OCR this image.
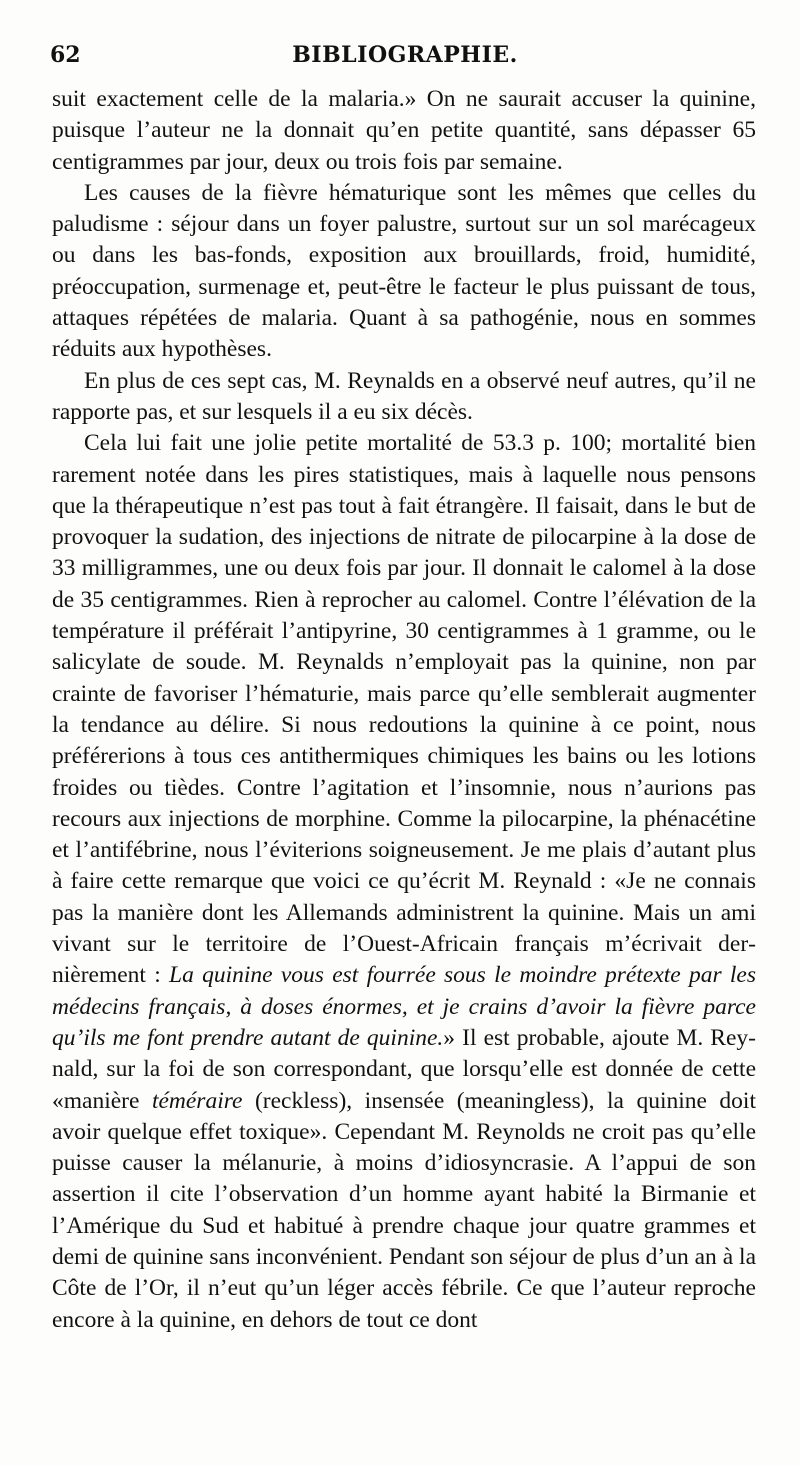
62	BIBLIOGRAPHIE.

suit exactement celle de la malaria.» On ne saurait accuser la quinine, puisque l’auteur ne la donnait qu’en petite quantité, sans dépasser 65 centigrammes par jour, deux ou trois fois par semaine.

Les causes de la fièvre hématurique sont les mêmes que celles du paludisme : séjour dans un foyer palustre, surtout sur un sol marécageux ou dans les bas-fonds, exposition aux brouillards, froid, humidité, préoccupation, surmenage et, peut-être le facteur le plus puissant de tous, attaques répétées de malaria. Quant à sa pathogénie, nous en sommes réduits aux hypothèses.

En plus de ces sept cas, M. Reynalds en a observé neuf autres, qu’il ne rapporte pas, et sur lesquels il a eu six décès.

Cela lui fait une jolie petite mortalité de 53.3 p. 100; mortalité bien rarement notée dans les pires statistiques, mais à laquelle nous pensons que la thérapeutique n’est pas tout à fait étrangère. Il faisait, dans le but de provoquer la sudation, des injections de nitrate de pilocarpine à la dose de 33 milligrammes, une ou deux fois par jour. Il donnait le calomel à la dose de 35 centigrammes. Rien à reprocher au calomel. Contre l’élévation de la température il préférait l’antipyrine, 30 centigrammes à 1 gramme, ou le salicylate de soude. M. Reynalds n’employait pas la quinine, non par crainte de favoriser l’hématurie, mais parce qu’elle semblerait augmenter la tendance au délire. Si nous redoutions la quinine à ce point, nous préférerions à tous ces antithermiques chimiques les bains ou les lotions froides ou tièdes. Contre l’agitation et l’insomnie, nous n’aurions pas recours aux injections de morphine. Comme la pilocarpine, la phénacétine et l’antifébrine, nous l’éviterions soigneusement. Je me plais d’autant plus à faire cette remarque que voici ce qu’écrit M. Reynald : «Je ne connais pas la manière dont les Allemands administrent la quinine. Mais un ami vivant sur le territoire de l’Ouest-Africain français m’écrivait dernièrement : La quinine vous est fourrée sous le moindre prétexte par les médecins français, à doses énormes, et je crains d’avoir la fièvre parce qu’ils me font prendre autant de quinine.» Il est probable, ajoute M. Reynald, sur la foi de son correspondant, que lorsqu’elle est donnée de cette «manière téméraire (reckless), insensée (meaningless), la quinine doit avoir quelque effet toxique». Cependant M. Reynolds ne croit pas qu’elle puisse causer la mélanurie, à moins d’idiosyncrasie. A l’appui de son assertion il cite l’observation d’un homme ayant habité la Birmanie et l’Amérique du Sud et habitué à prendre chaque jour quatre grammes et demi de quinine sans inconvénient. Pendant son séjour de plus d’un an à la Côte de l’Or, il n’eut qu’un léger accès fébrile. Ce que l’auteur reproche encore à la quinine, en dehors de tout ce dont
